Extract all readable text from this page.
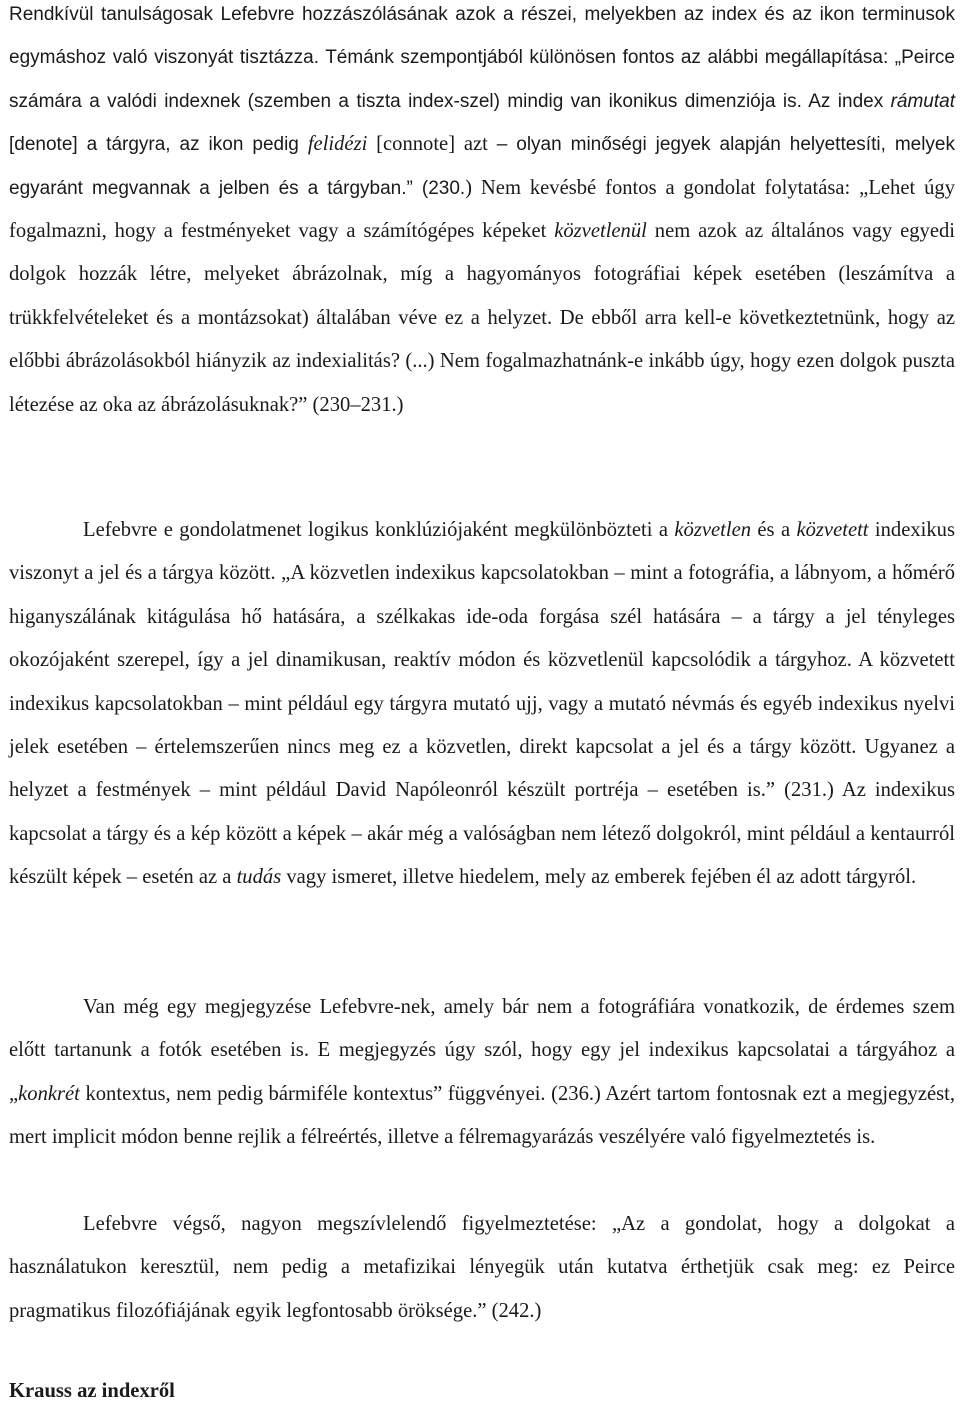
Rendkívül tanulságosak Lefebvre hozzászólásának azok a részei, melyekben az index és az ikon terminusok egymáshoz való viszonyát tisztázza. Témánk szempontjából különösen fontos az alábbi megállapítása: „Peirce számára a valódi indexnek (szemben a tiszta index-szel) mindig van ikonikus dimenziója is. Az index rámutat [denote] a tárgyra, az ikon pedig felidézi [connote] azt – olyan minőségi jegyek alapján helyettesíti, melyek egyaránt megvannak a jelben és a tárgyban.” (230.) Nem kevésbé fontos a gondolat folytatása: „Lehet úgy fogalmazni, hogy a festményeket vagy a számítógépes képeket közvetlenül nem azok az általános vagy egyedi dolgok hozzák létre, melyeket ábrázolnak, míg a hagyományos fotográfiai képek esetében (leszámítva a trükkfelvételeket és a montázsokat) általában véve ez a helyzet. De ebből arra kell-e következtetnünk, hogy az előbbi ábrázolásokból hiányzik az indexialitás? (...) Nem fogalmazhatnánk-e inkább úgy, hogy ezen dolgok puszta létezése az oka az ábrázolásuknak?” (230–231.)

Lefebvre e gondolatmenet logikus konklúziójaként megkülönbözteti a közvetlen és a közvetett indexikus viszonyt a jel és a tárgya között. „A közvetlen indexikus kapcsolatokban – mint a fotográfia, a lábnyom, a hőmérő higanyszálának kitágulása hő hatására, a szélkakas ide-oda forgása szél hatására – a tárgy a jel tényleges okozójaként szerepel, így a jel dinamikusan, reaktív módon és közvetlenül kapcsolódik a tárgyhoz. A közvetett indexikus kapcsolatokban – mint például egy tárgyra mutató ujj, vagy a mutató névmás és egyéb indexikus nyelvi jelek esetében – értelemszerűen nincs meg ez a közvetlen, direkt kapcsolat a jel és a tárgy között. Ugyanez a helyzet a festmények – mint például David Napóleonról készült portréja – esetében is.” (231.) Az indexikus kapcsolat a tárgy és a kép között a képek – akár még a valóságban nem létező dolgokról, mint például a kentaurról készült képek – esetén az a tudás vagy ismeret, illetve hiedelem, mely az emberek fejében él az adott tárgyról.

Van még egy megjegyzése Lefebvre-nek, amely bár nem a fotográfiára vonatkozik, de érdemes szem előtt tartanunk a fotók esetében is. E megjegyzés úgy szól, hogy egy jel indexikus kapcsolatai a tárgyához a „konkrét kontextus, nem pedig bármiféle kontextus” függvényei. (236.) Azért tartom fontosnak ezt a megjegyzést, mert implicit módon benne rejlik a félreértés, illetve a félremagyarázás veszélyére való figyelmeztetés is.

Lefebvre végső, nagyon megszívlelendő figyelmeztetése: „Az a gondolat, hogy a dolgokat a használatukon keresztül, nem pedig a metafizikai lényegük után kutatva érthetjük csak meg: ez Peirce pragmatikus filozófiájának egyik legfontosabb öröksége.” (242.)

Krauss az indexről
